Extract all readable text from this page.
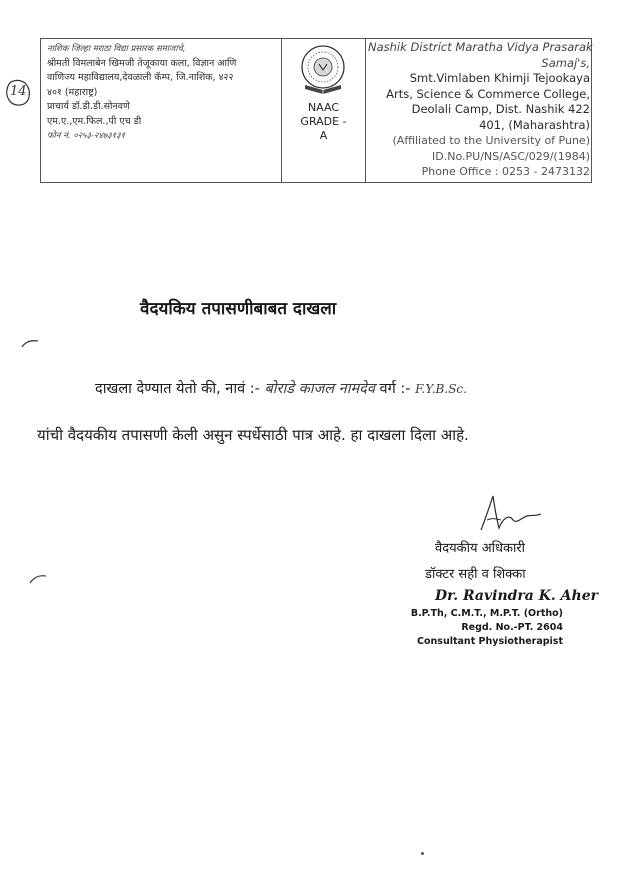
14
नाशिक जिल्हा मराठा विद्या प्रसारक समाजाचे,
श्रीमती विमलाबेन खिमजी तेजूकाया कला, विज्ञान आणि
वाणिज्य महाविद्यालय,देवळाली कॅम्प, जि.नाशिक, ४२२
४०१ (महाराष्ट्र)
प्राचार्य डॉ.डी.डी.सोनवणे
एम.ए.,एम.फिल.,पी एच डी
फोन नं. ०२५३-२४७३१३१
NAAC
GRADE -
A
Nashik District Maratha Vidya Prasarak
Samaj's,
Smt.Vimlaben Khimji Tejookaya
Arts, Science & Commerce College,
Deolali Camp, Dist. Nashik 422
401, (Maharashtra)
(Affiliated to the University of Pune)
ID.No.PU/NS/ASC/029/(1984)
Phone Office : 0253 - 2473132
वैदयकिय तपासणीबाबत दाखला
दाखला देण्यात येतो की, नावं :- बोराडे काजल नामदेव वर्ग :- F.Y.B.Sc.
यांची वैदयकीय तपासणी केली असुन स्पर्धेसाठी पात्र आहे. हा दाखला दिला आहे.
वैदयकीय अधिकारी
डॉक्टर सही व शिक्का
Dr. Ravindra K. Aher
B.P.Th, C.M.T., M.P.T. (Ortho)
Regd. No.-PT. 2604
Consultant Physiotherapist
